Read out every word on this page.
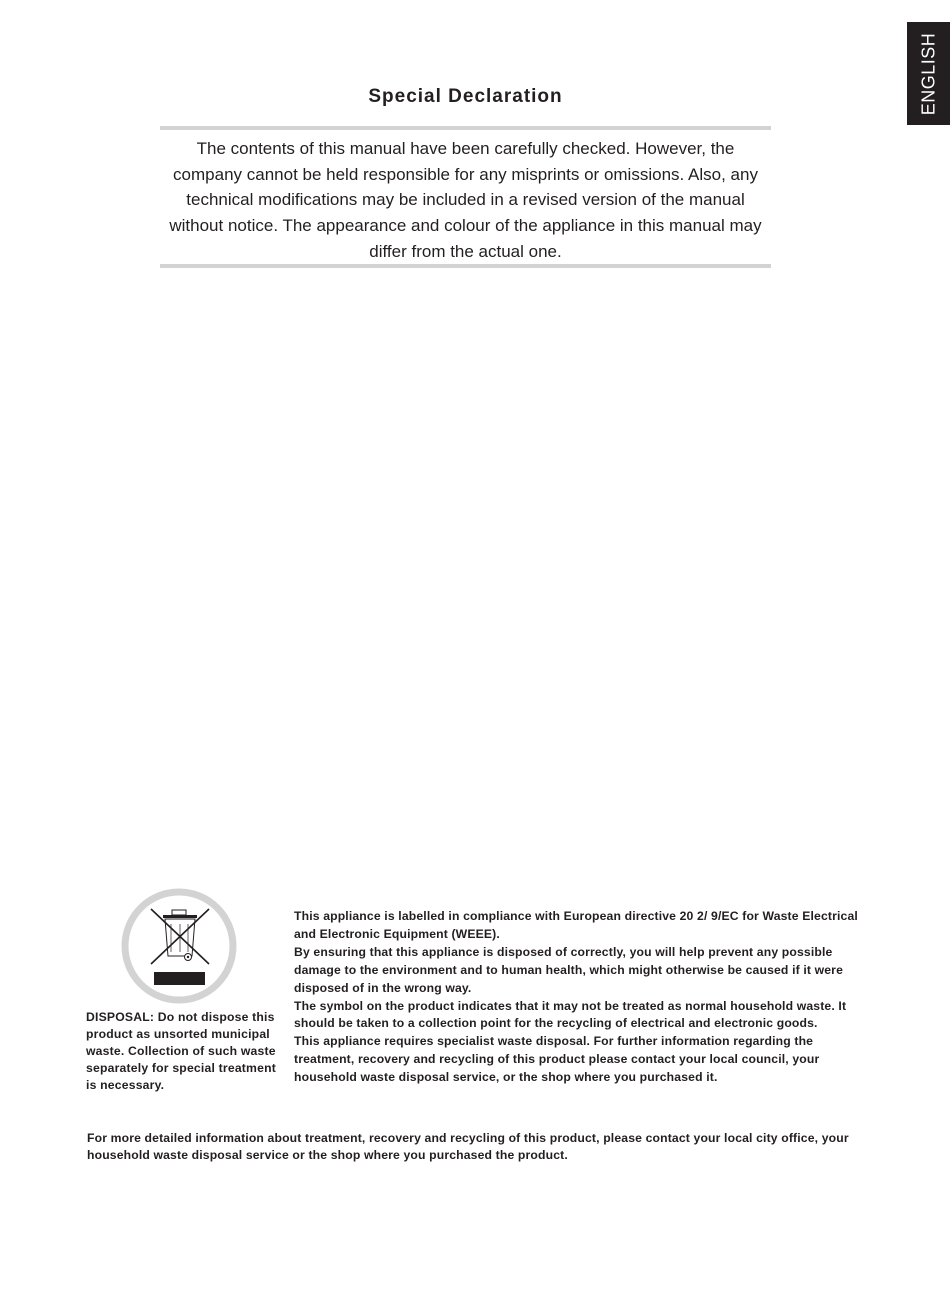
ENGLISH
Special Declaration

The contents of this manual have been carefully checked. However, the company cannot be held responsible for any misprints or omissions. Also, any technical modifications may be included in a revised version of the manual without notice. The appearance and colour of the appliance in this manual may differ from the actual one.

DISPOSAL: Do not dispose this product as unsorted municipal waste. Collection of such waste separately for special treatment is necessary.

This appliance is labelled in compliance with European directive 20 2/ 9/EC for Waste Electrical and Electronic Equipment (WEEE).

By ensuring that this appliance is disposed of correctly, you will help prevent any possible damage to the environment and to human health, which might otherwise be caused if it were disposed of in the wrong way.

The symbol on the product indicates that it may not be treated as normal household waste. It should be taken to a collection point for the recycling of electrical and electronic goods.

This appliance requires specialist waste disposal. For further information regarding the treatment, recovery and recycling of this product please contact your local council, your household waste disposal service, or the shop where you purchased it.

For more detailed information about treatment, recovery and recycling of this product, please contact your local city office, your household waste disposal service or the shop where you purchased the product.
